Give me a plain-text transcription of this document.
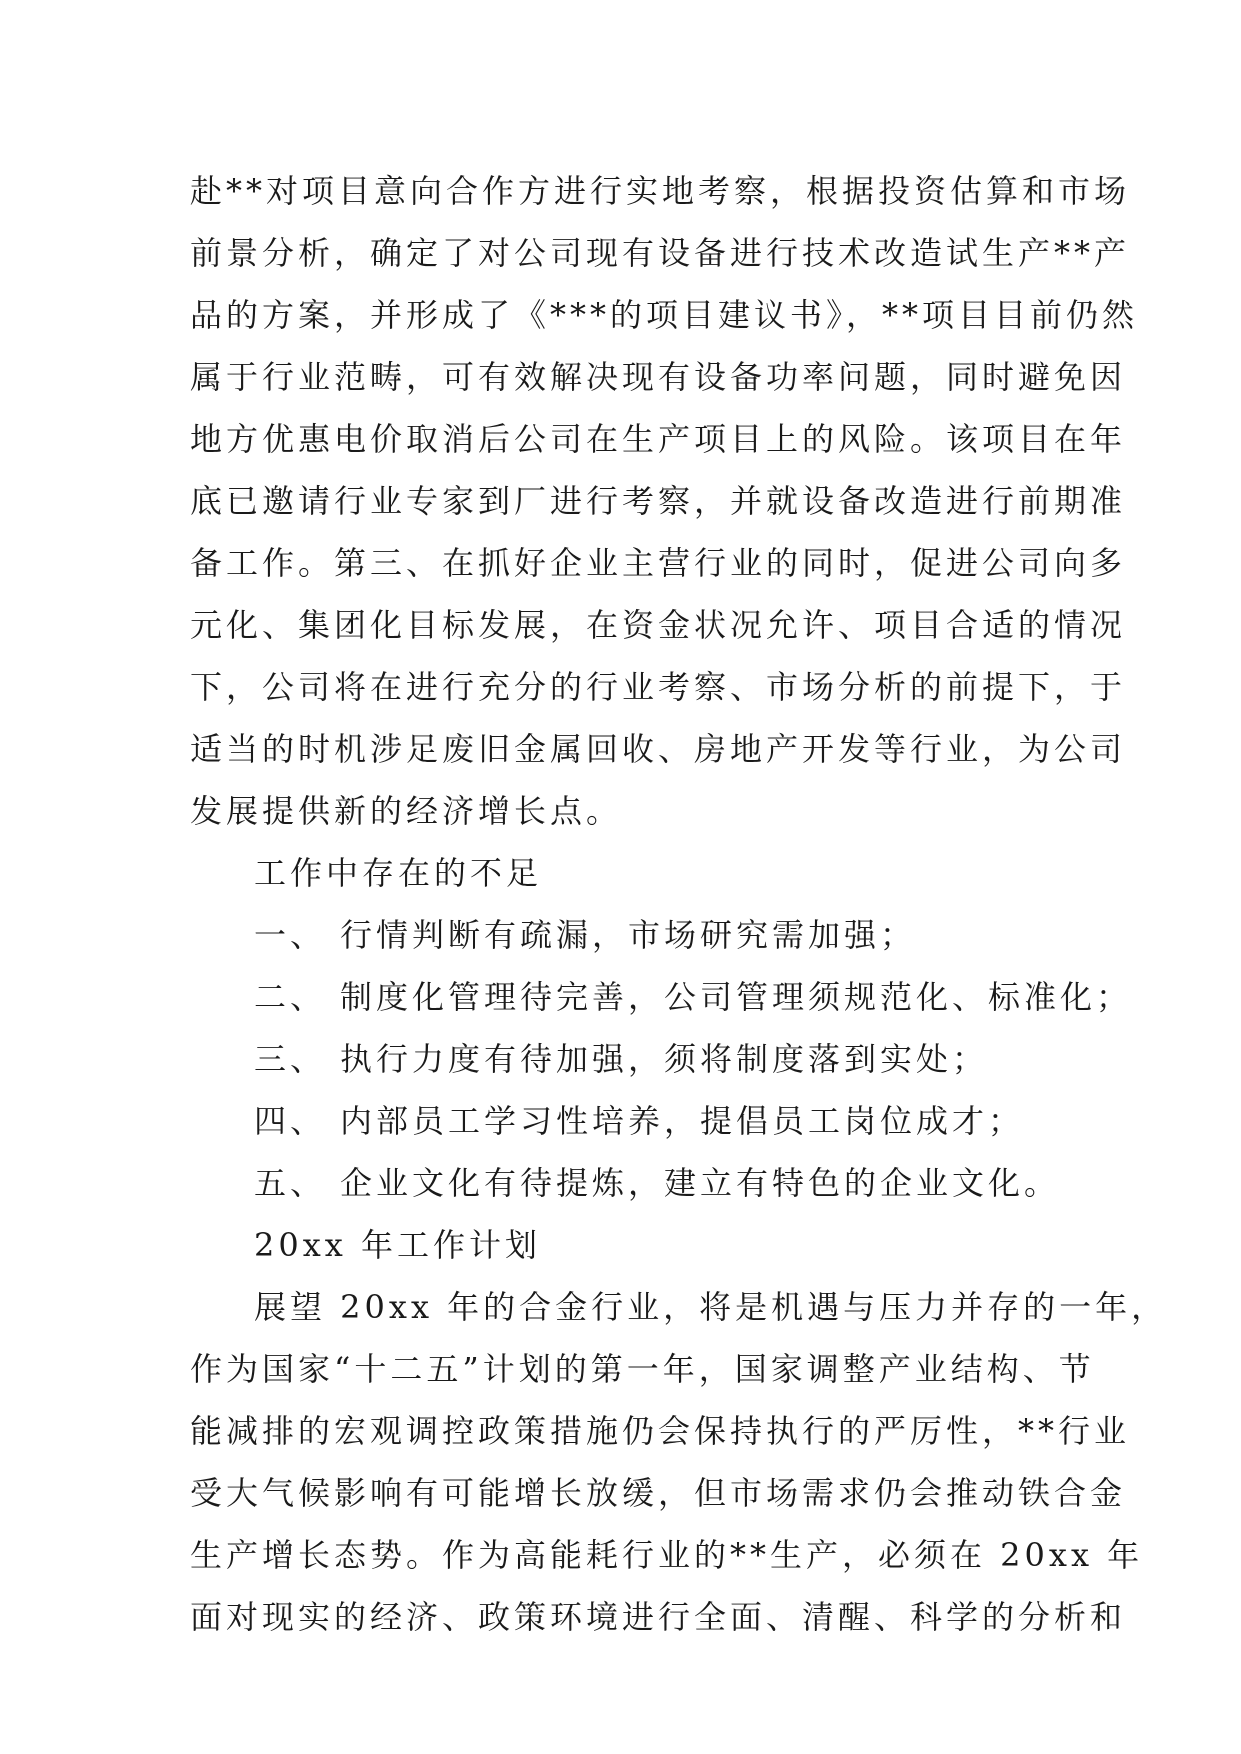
赴**对项目意向合作方进行实地考察，根据投资估算和市场
前景分析，确定了对公司现有设备进行技术改造试生产**产
品的方案，并形成了《***的项目建议书》，**项目目前仍然
属于行业范畴，可有效解决现有设备功率问题，同时避免因
地方优惠电价取消后公司在生产项目上的风险。该项目在年
底已邀请行业专家到厂进行考察，并就设备改造进行前期准
备工作。第三、在抓好企业主营行业的同时，促进公司向多
元化、集团化目标发展，在资金状况允许、项目合适的情况
下，公司将在进行充分的行业考察、市场分析的前提下，于
适当的时机涉足废旧金属回收、房地产开发等行业，为公司
发展提供新的经济增长点。
工作中存在的不足
一、 行情判断有疏漏，市场研究需加强；
二、 制度化管理待完善，公司管理须规范化、标准化；
三、 执行力度有待加强，须将制度落到实处；
四、 内部员工学习性培养，提倡员工岗位成才；
五、 企业文化有待提炼，建立有特色的企业文化。
20xx 年工作计划
展望 20xx 年的合金行业，将是机遇与压力并存的一年，
作为国家“十二五”计划的第一年，国家调整产业结构、节
能减排的宏观调控政策措施仍会保持执行的严厉性，**行业
受大气候影响有可能增长放缓，但市场需求仍会推动铁合金
生产增长态势。作为高能耗行业的**生产，必须在 20xx 年
面对现实的经济、政策环境进行全面、清醒、科学的分析和
